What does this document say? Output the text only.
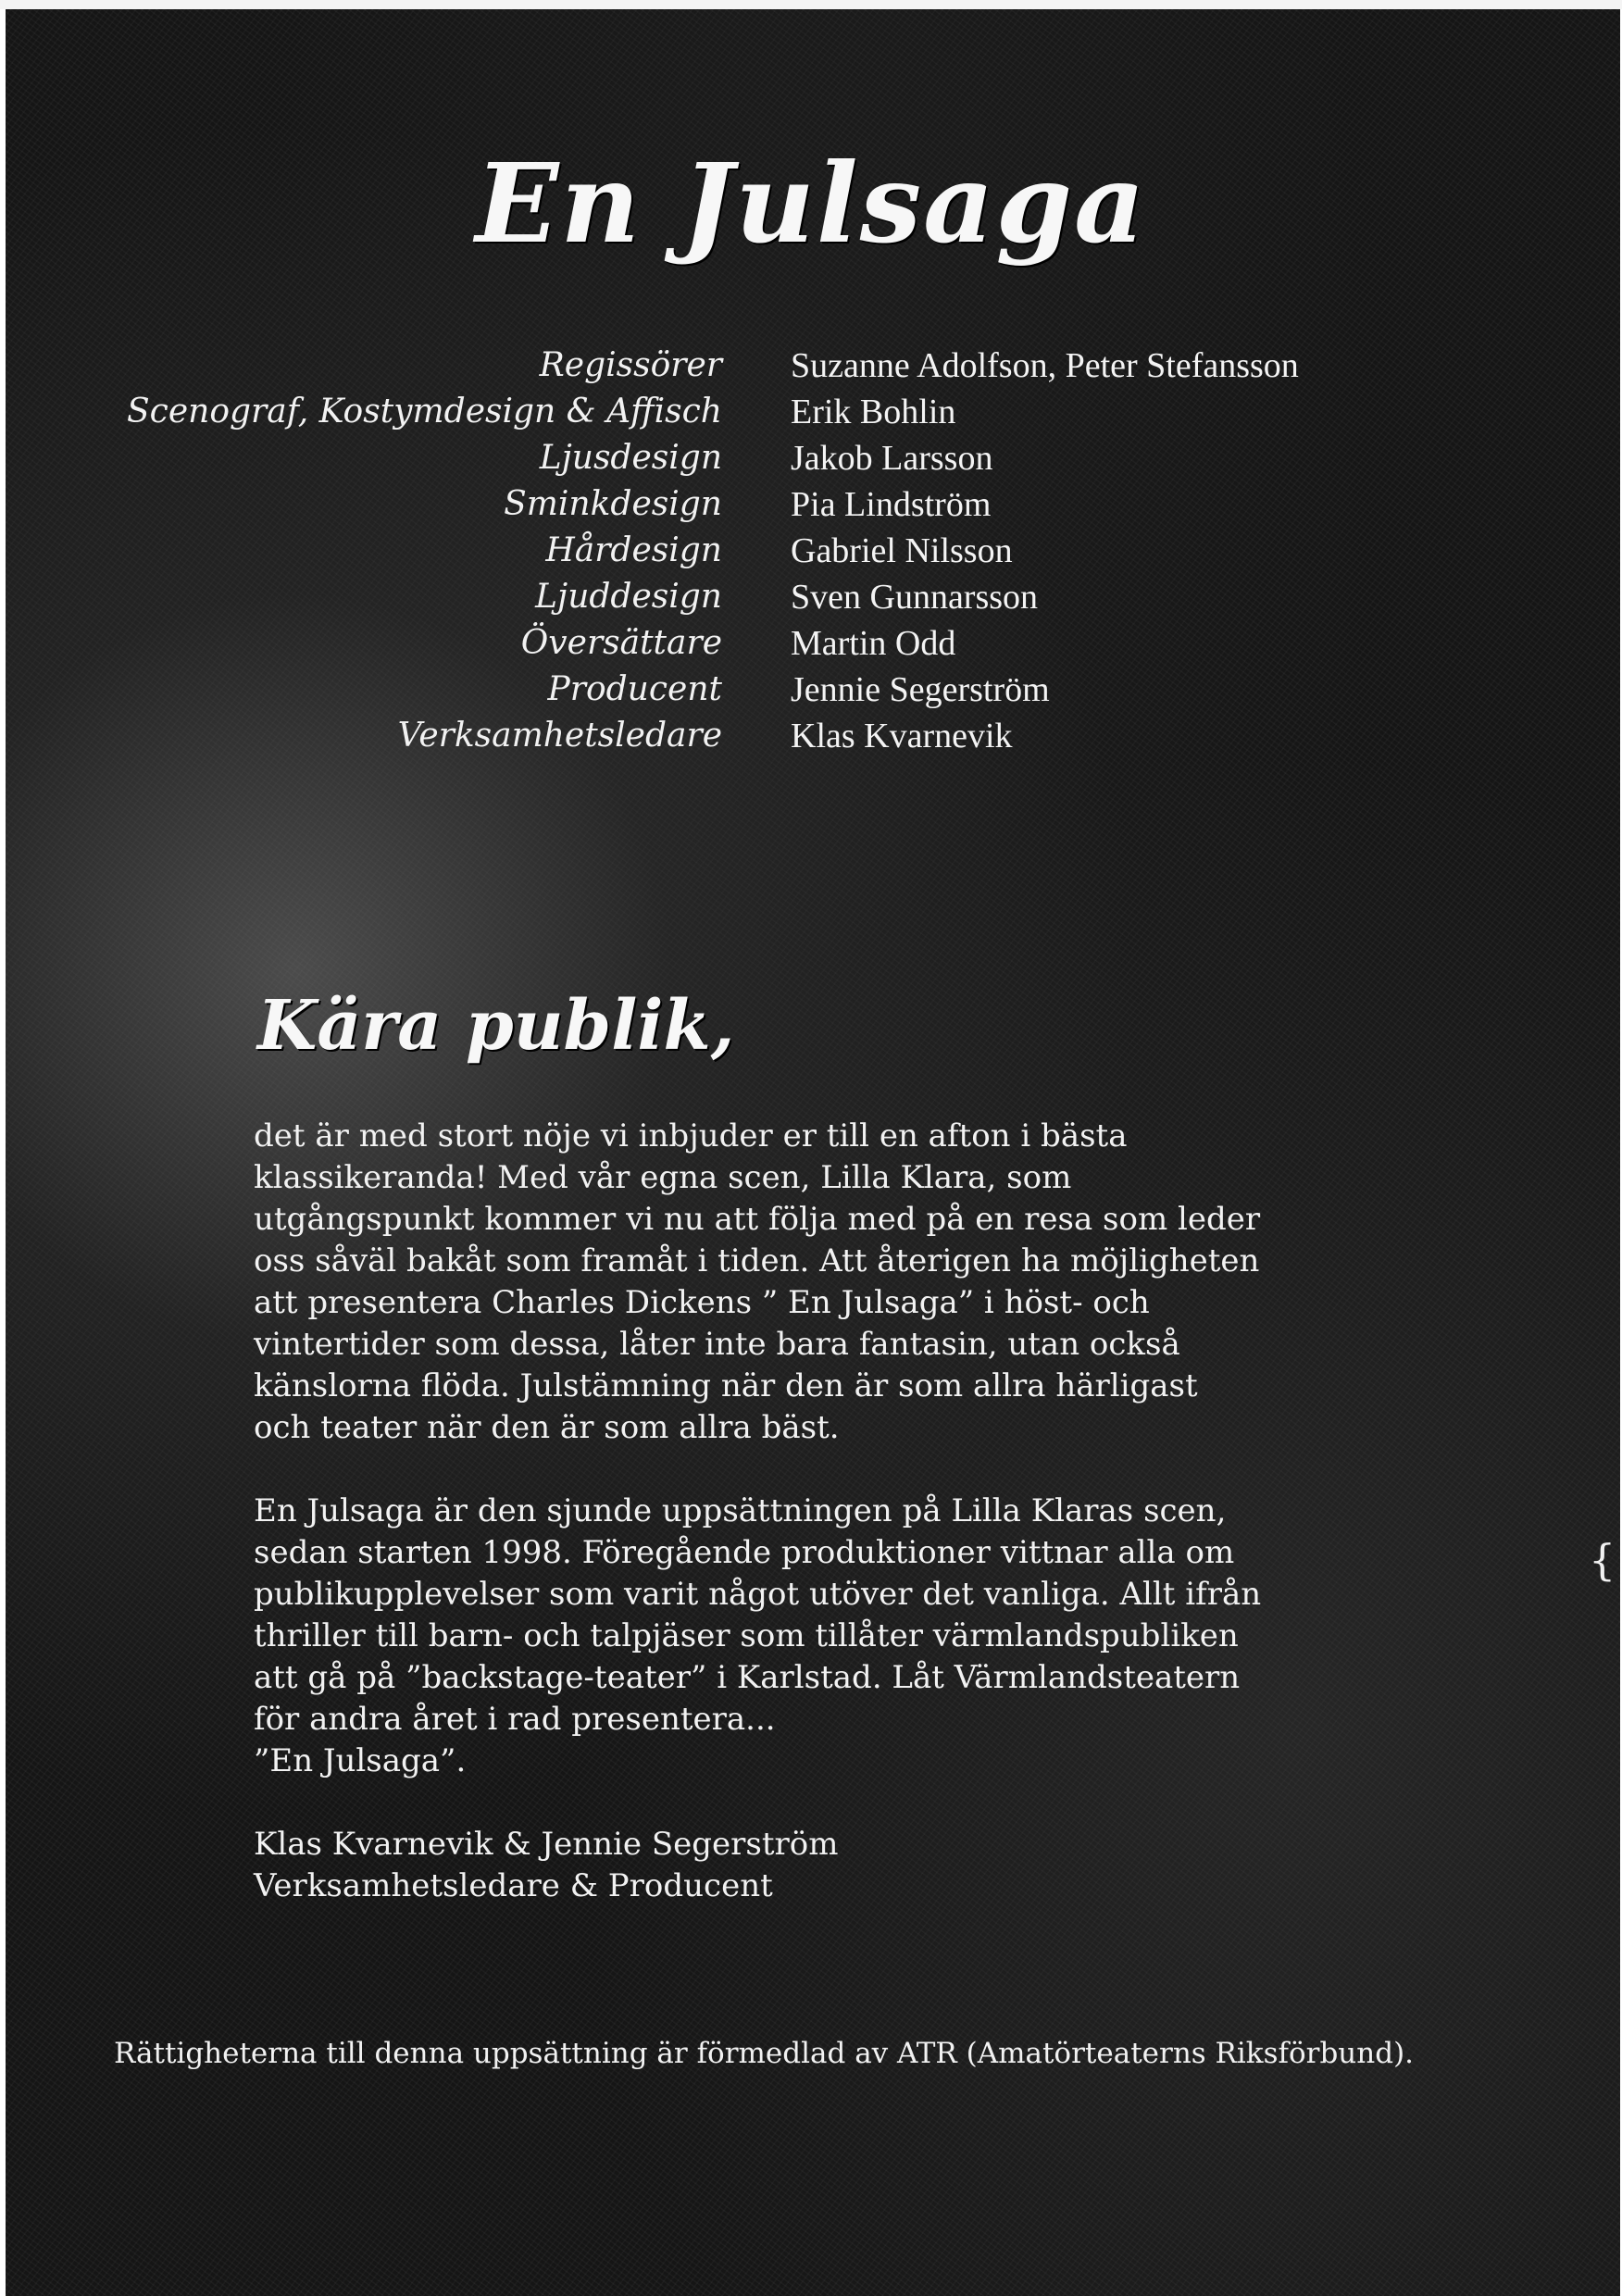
En Julsaga
Regissörer Suzanne Adolfson, Peter Stefansson
Scenograf, Kostymdesign & Affisch Erik Bohlin
Ljusdesign Jakob Larsson
Sminkdesign Pia Lindström
Hårdesign Gabriel Nilsson
Ljuddesign Sven Gunnarsson
Översättare Martin Odd
Producent Jennie Segerström
Verksamhetsledare Klas Kvarnevik
Kära publik,

det är med stort nöje vi inbjuder er till en afton i bästa
klassikeranda! Med vår egna scen, Lilla Klara, som
utgångspunkt kommer vi nu att följa med på en resa som leder
oss såväl bakåt som framåt i tiden. Att återigen ha möjligheten
att presentera Charles Dickens ” En Julsaga” i höst- och
vintertider som dessa, låter inte bara fantasin, utan också
känslorna flöda. Julstämning när den är som allra härligast
och teater när den är som allra bäst.

En Julsaga är den sjunde uppsättningen på Lilla Klaras scen,
sedan starten 1998. Föregående produktioner vittnar alla om
publikupplevelser som varit något utöver det vanliga. Allt ifrån
thriller till barn- och talpjäser som tillåter värmlandspubliken
att gå på ”backstage-teater” i Karlstad. Låt Värmlandsteatern
för andra året i rad presentera...
”En Julsaga”.

Klas Kvarnevik & Jennie Segerström
Verksamhetsledare & Producent

Rättigheterna till denna uppsättning är förmedlad av ATR (Amatörteaterns Riksförbund).
{
